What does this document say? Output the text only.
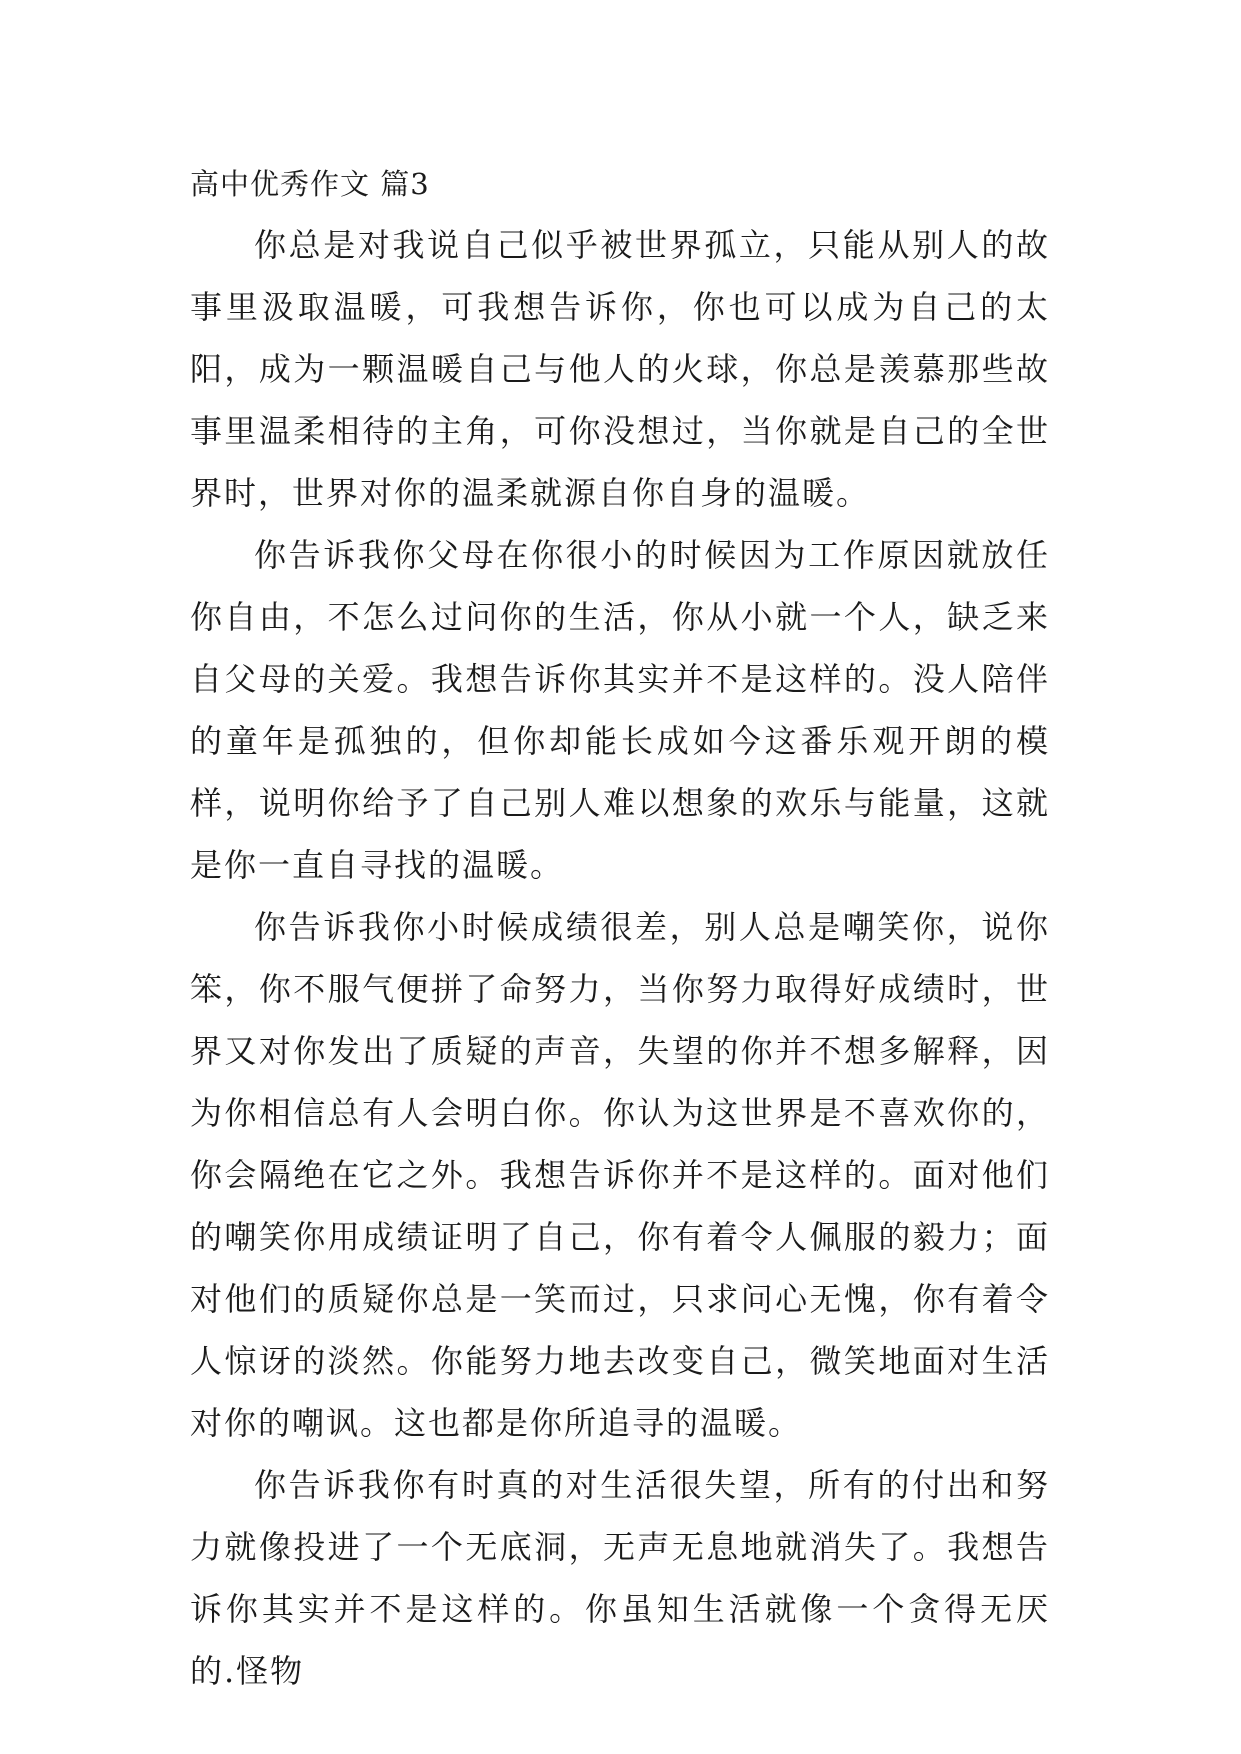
高中优秀作文 篇3

你总是对我说自己似乎被世界孤立，只能从别人的故事里汲取温暖，可我想告诉你，你也可以成为自己的太阳，成为一颗温暖自己与他人的火球，你总是羡慕那些故事里温柔相待的主角，可你没想过，当你就是自己的全世界时，世界对你的温柔就源自你自身的温暖。

你告诉我你父母在你很小的时候因为工作原因就放任你自由，不怎么过问你的生活，你从小就一个人，缺乏来自父母的关爱。我想告诉你其实并不是这样的。没人陪伴的童年是孤独的，但你却能长成如今这番乐观开朗的模样，说明你给予了自己别人难以想象的欢乐与能量，这就是你一直自寻找的温暖。

你告诉我你小时候成绩很差，别人总是嘲笑你，说你笨，你不服气便拼了命努力，当你努力取得好成绩时，世界又对你发出了质疑的声音，失望的你并不想多解释，因为你相信总有人会明白你。你认为这世界是不喜欢你的，你会隔绝在它之外。我想告诉你并不是这样的。面对他们的嘲笑你用成绩证明了自己，你有着令人佩服的毅力；面对他们的质疑你总是一笑而过，只求问心无愧，你有着令人惊讶的淡然。你能努力地去改变自己，微笑地面对生活对你的嘲讽。这也都是你所追寻的温暖。

你告诉我你有时真的对生活很失望，所有的付出和努力就像投进了一个无底洞，无声无息地就消失了。我想告诉你其实并不是这样的。你虽知生活就像一个贪得无厌的.怪物
